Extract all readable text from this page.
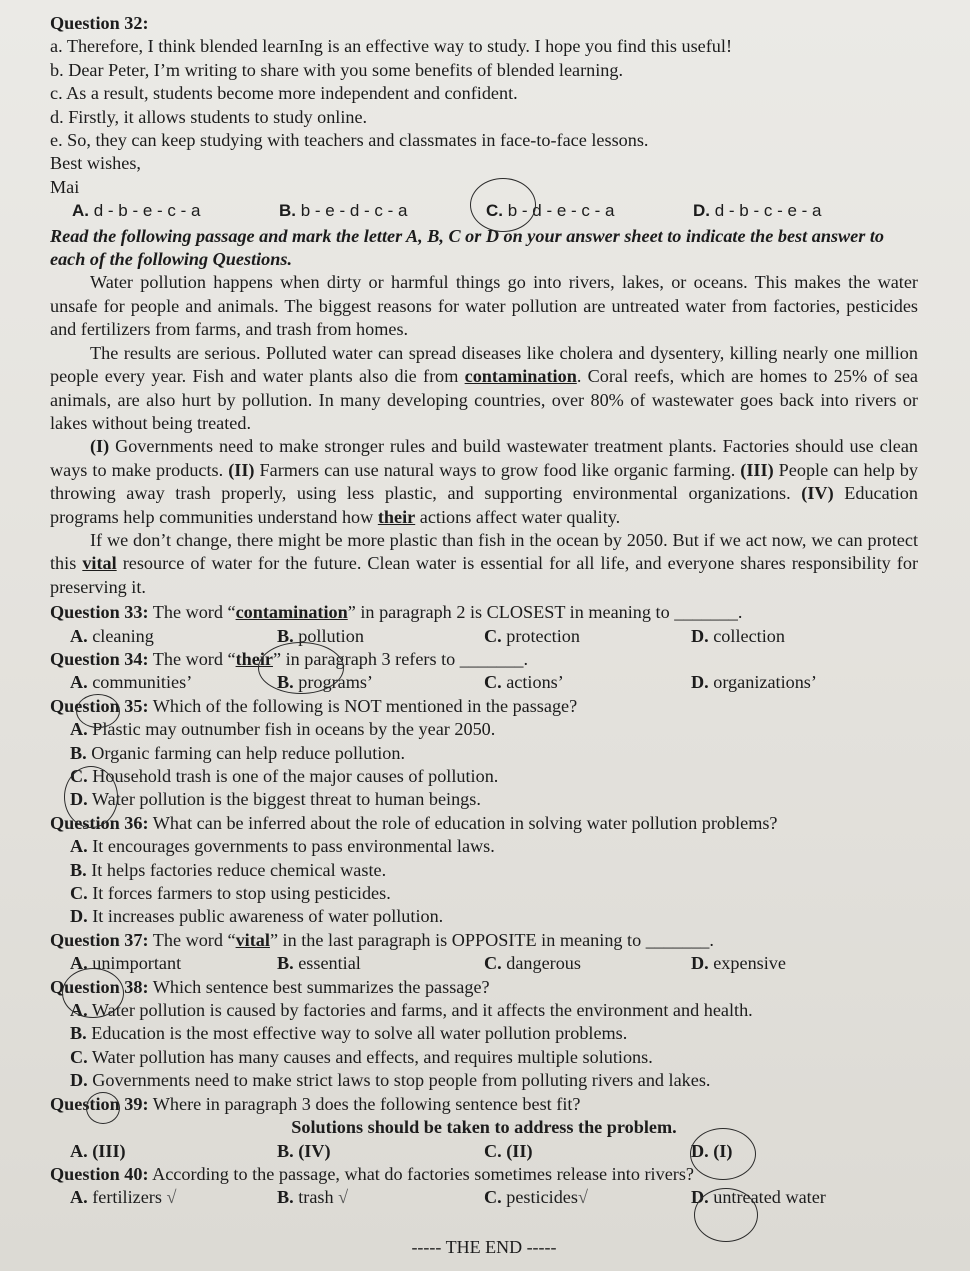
Question 32:
a. Therefore, I think blended learnIng is an effective way to study. I hope you find this useful!
b. Dear Peter, I’m writing to share with you some benefits of blended learning.
c. As a result, students become more independent and confident.
d. Firstly, it allows students to study online.
e. So, they can keep studying with teachers and classmates in face-to-face lessons.
Best wishes,
Mai
A. d - b - e - c - a	B. b - e - d - c - a	C. b - d - e - c - a	D. d - b - c - e - a
Read the following passage and mark the letter A, B, C or D on your answer sheet to indicate the best answer to each of the following Questions.

Water pollution happens when dirty or harmful things go into rivers, lakes, or oceans. This makes the water unsafe for people and animals. The biggest reasons for water pollution are untreated water from factories, pesticides and fertilizers from farms, and trash from homes.

The results are serious. Polluted water can spread diseases like cholera and dysentery, killing nearly one million people every year. Fish and water plants also die from contamination. Coral reefs, which are homes to 25% of sea animals, are also hurt by pollution. In many developing countries, over 80% of wastewater goes back into rivers or lakes without being treated.

(I) Governments need to make stronger rules and build wastewater treatment plants. Factories should use clean ways to make products. (II) Farmers can use natural ways to grow food like organic farming. (III) People can help by throwing away trash properly, using less plastic, and supporting environmental organizations. (IV) Education programs help communities understand how their actions affect water quality.

If we don’t change, there might be more plastic than fish in the ocean by 2050. But if we act now, we can protect this vital resource of water for the future. Clean water is essential for all life, and everyone shares responsibility for preserving it.

Question 33: The word “contamination” in paragraph 2 is CLOSEST in meaning to _______.
A. cleaning	B. pollution	C. protection	D. collection
Question 34: The word “their” in paragraph 3 refers to _______.
A. communities’	B. programs’	C. actions’	D. organizations’
Question 35: Which of the following is NOT mentioned in the passage?
A. Plastic may outnumber fish in oceans by the year 2050.
B. Organic farming can help reduce pollution.
C. Household trash is one of the major causes of pollution.
D. Water pollution is the biggest threat to human beings.
Question 36: What can be inferred about the role of education in solving water pollution problems?
A. It encourages governments to pass environmental laws.
B. It helps factories reduce chemical waste.
C. It forces farmers to stop using pesticides.
D. It increases public awareness of water pollution.
Question 37: The word “vital” in the last paragraph is OPPOSITE in meaning to _______.
A. unimportant	B. essential	C. dangerous	D. expensive
Question 38: Which sentence best summarizes the passage?
A. Water pollution is caused by factories and farms, and it affects the environment and health.
B. Education is the most effective way to solve all water pollution problems.
C. Water pollution has many causes and effects, and requires multiple solutions.
D. Governments need to make strict laws to stop people from polluting rivers and lakes.
Question 39: Where in paragraph 3 does the following sentence best fit?
Solutions should be taken to address the problem.
A. (III)	B. (IV)	C. (II)	D. (I)
Question 40: According to the passage, what do factories sometimes release into rivers?
A. fertilizers √	B. trash √	C. pesticides√	D. untreated water
----- THE END -----
